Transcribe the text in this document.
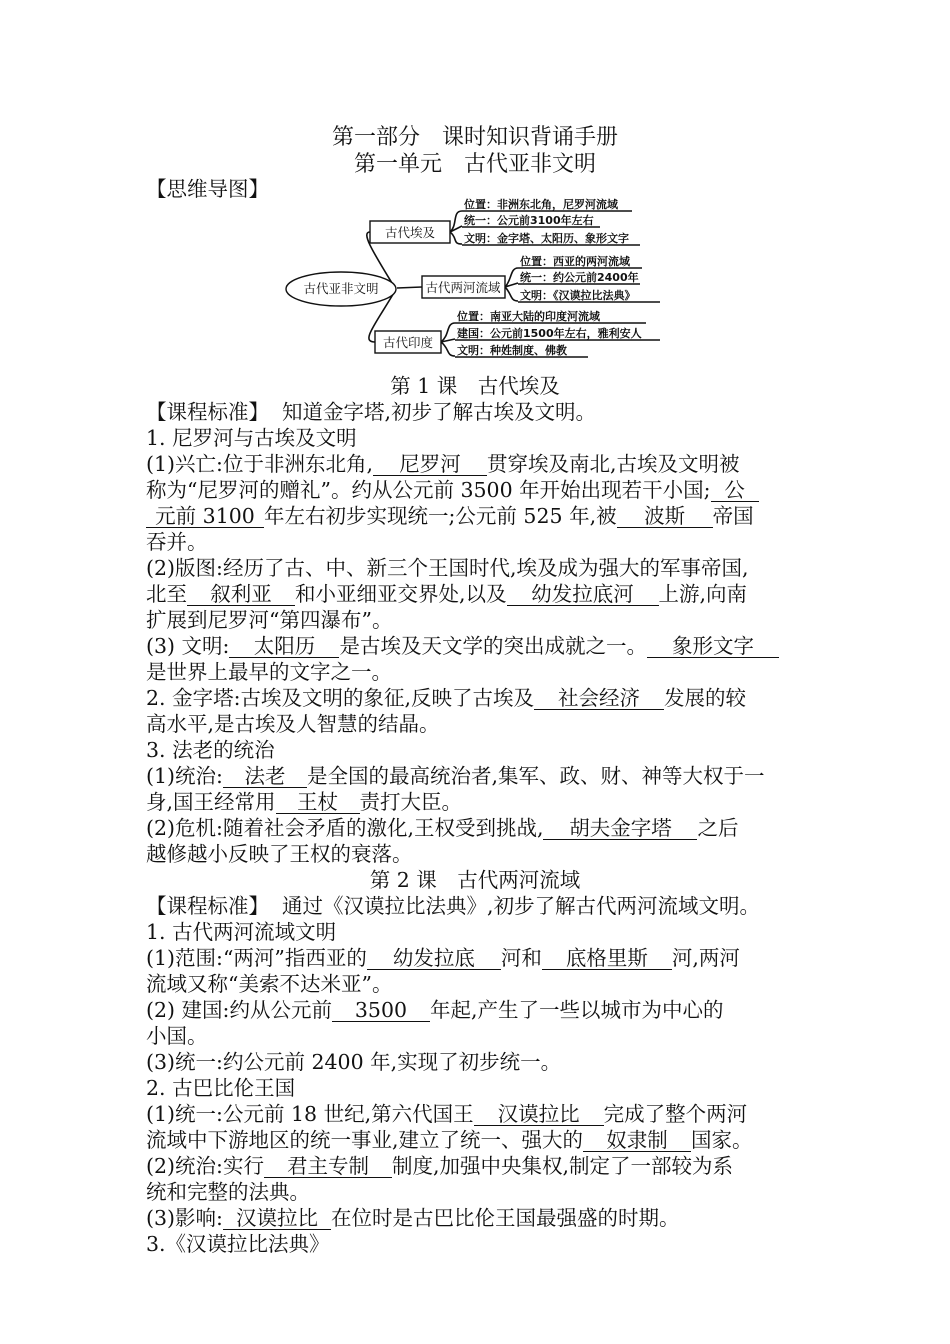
第一部分 课时知识背诵手册
第一单元 古代亚非文明
【思维导图】
古代亚非文明
古代埃及
古代两河流域
古代印度
位置：非洲东北角，尼罗河流域
统一：公元前3100年左右
文明：金字塔、太阳历、象形文字
位置：西亚的两河流域
统一：约公元前2400年
文明：《汉谟拉比法典》
位置：南亚大陆的印度河流域
建国：公元前1500年左右，雅利安人
文明：种姓制度、佛教
第 1 课　古代埃及
【课程标准】 知道金字塔,初步了解古埃及文明。
1. 尼罗河与古埃及文明
(1)兴亡:位于非洲东北角, 尼罗河 贯穿埃及南北,古埃及文明被
称为“尼罗河的赠礼”。约从公元前 3500 年开始出现若干小国; 公
元前 3100 年左右初步实现统一;公元前 525 年,被 波斯 帝国
吞并。
(2)版图:经历了古、中、新三个王国时代,埃及成为强大的军事帝国,
北至 叙利亚 和小亚细亚交界处,以及 幼发拉底河 上游,向南
扩展到尼罗河“第四瀑布”。
(3) 文明: 太阳历 是古埃及天文学的突出成就之一。 象形文字
是世界上最早的文字之一。
2. 金字塔:古埃及文明的象征,反映了古埃及 社会经济 发展的较
高水平,是古埃及人智慧的结晶。
3. 法老的统治
(1)统治: 法老 是全国的最高统治者,集军、政、财、神等大权于一
身,国王经常用 王杖 责打大臣。
(2)危机:随着社会矛盾的激化,王权受到挑战, 胡夫金字塔 之后
越修越小反映了王权的衰落。
第 2 课　古代两河流域
【课程标准】 通过《汉谟拉比法典》,初步了解古代两河流域文明。
1. 古代两河流域文明
(1)范围:“两河”指西亚的 幼发拉底 河和 底格里斯 河,两河
流域又称“美索不达米亚”。
(2) 建国:约从公元前 3500 年起,产生了一些以城市为中心的
小国。
(3)统一:约公元前 2400 年,实现了初步统一。
2. 古巴比伦王国
(1)统一:公元前 18 世纪,第六代国王 汉谟拉比 完成了整个两河
流域中下游地区的统一事业,建立了统一、强大的 奴隶制 国家。
(2)统治:实行 君主专制 制度,加强中央集权,制定了一部较为系
统和完整的法典。
(3)影响: 汉谟拉比 在位时是古巴比伦王国最强盛的时期。
3.《汉谟拉比法典》
